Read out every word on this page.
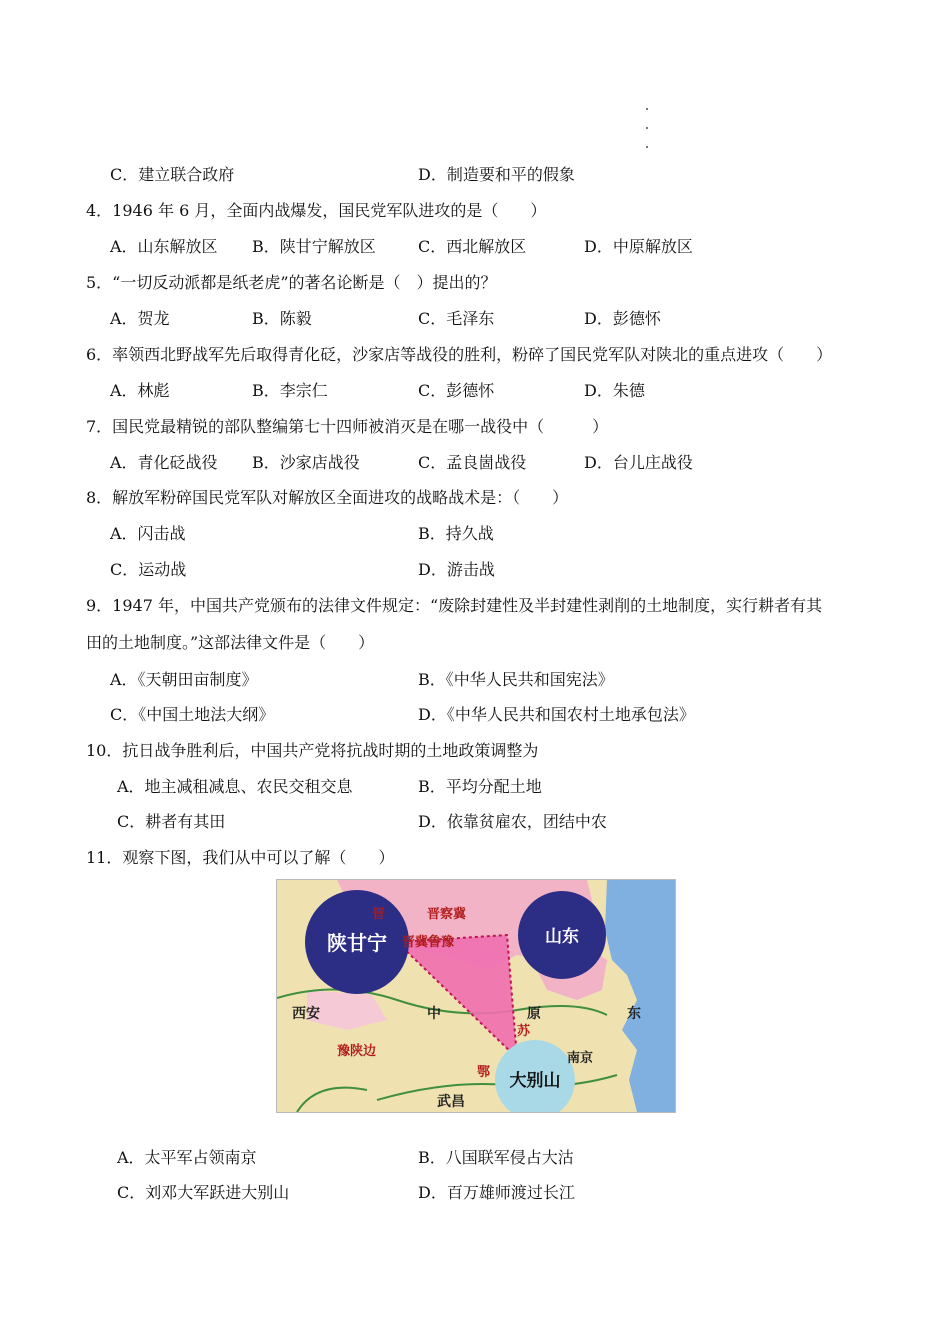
C．建立联合政府	D．制造要和平的假象
4．1946 年 6 月，全面内战爆发，国民党军队进攻的是（　　）
A．山东解放区 B．陕甘宁解放区	C．西北解放区	D．中原解放区
5．“一切反动派都是纸老虎”的著名论断是（　）提出的？
A．贺龙	B．陈毅	C．毛泽东	D．彭德怀
6．率领西北野战军先后取得青化砭，沙家店等战役的胜利，粉碎了国民党军队对陕北的重点进攻（　　）
A．林彪	B．李宗仁	C．彭德怀	D．朱德
7．国民党最精锐的部队整编第七十四师被消灭是在哪一战役中（　　　）
A．青化砭战役 B．沙家店战役	C．孟良崮战役	D．台儿庄战役
8．解放军粉碎国民党军队对解放区全面进攻的战略战术是：（　　）
A．闪击战	B．持久战
C．运动战	D．游击战
9．1947 年，中国共产党颁布的法律文件规定：“废除封建性及半封建性剥削的土地制度，实行耕者有其
田的土地制度。”这部法律文件是（　　）
A．《天朝田亩制度》	B．《中华人民共和国宪法》
C．《中国土地法大纲》	D．《中华人民共和国农村土地承包法》
10．抗日战争胜利后，中国共产党将抗战时期的土地政策调整为
A．地主减租减息、农民交租交息	B．平均分配土地
C．耕者有其田	D．依靠贫雇农，团结中农
11．观察下图，我们从中可以了解（　　）
陕甘宁	山东
大别山
晋	晋察冀
晋冀鲁豫
西安	中	原	东
苏
豫陕边	南京
鄂
武昌
A．太平军占领南京	B．八国联军侵占大沽
C．刘邓大军跃进大别山	D．百万雄师渡过长江
